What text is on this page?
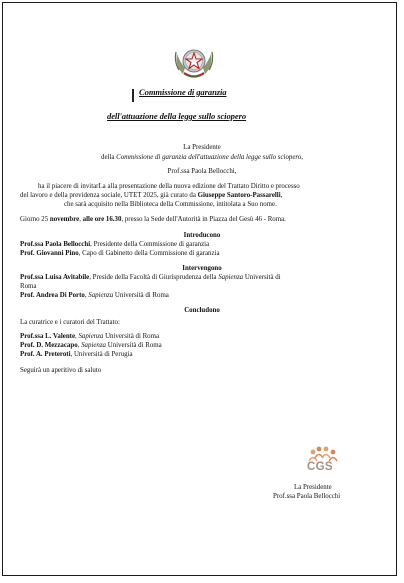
Commissione di garanzia
dell'attuazione della legge sullo sciopero
La Presidente
della Commissione di garanzia dell'attuazione della legge sullo sciopero,
Prof.ssa Paola Bellocchi,
ha il piacere di invitarLa alla presentazione della nuova edizione del Trattato Diritto e processo
del lavoro e della previdenza sociale, UTET 2025, già curato da Giuseppe Santoro-Passarelli,
che sarà acquisito nella Biblioteca della Commissione, intitolata a Suo nome.
Giorno 25 novembre, alle ore 16.30, presso la Sede dell'Autorità in Piazza del Gesù 46 - Roma.
Introducono
Prof.ssa Paola Bellocchi, Presidente della Commissione di garanzia
Prof. Giovanni Pino, Capo di Gabinetto della Commissione di garanzia
Intervengono
Prof.ssa Luisa Avitabile, Preside della Facoltà di Giurisprudenza della Sapienza Università di
Roma
Prof. Andrea Di Porto, Sapienza Università di Roma
Concludono
La curatrice e i curatori del Trattato:
Prof.ssa L. Valente, Sapienza Università di Roma
Prof. D. Mezzacapo, Sapienza Università di Roma
Prof. A. Preteroti, Università di Perugia
Seguirà un aperitivo di saluto
CGS
La Presidente
Prof.ssa Paola Bellocchi
